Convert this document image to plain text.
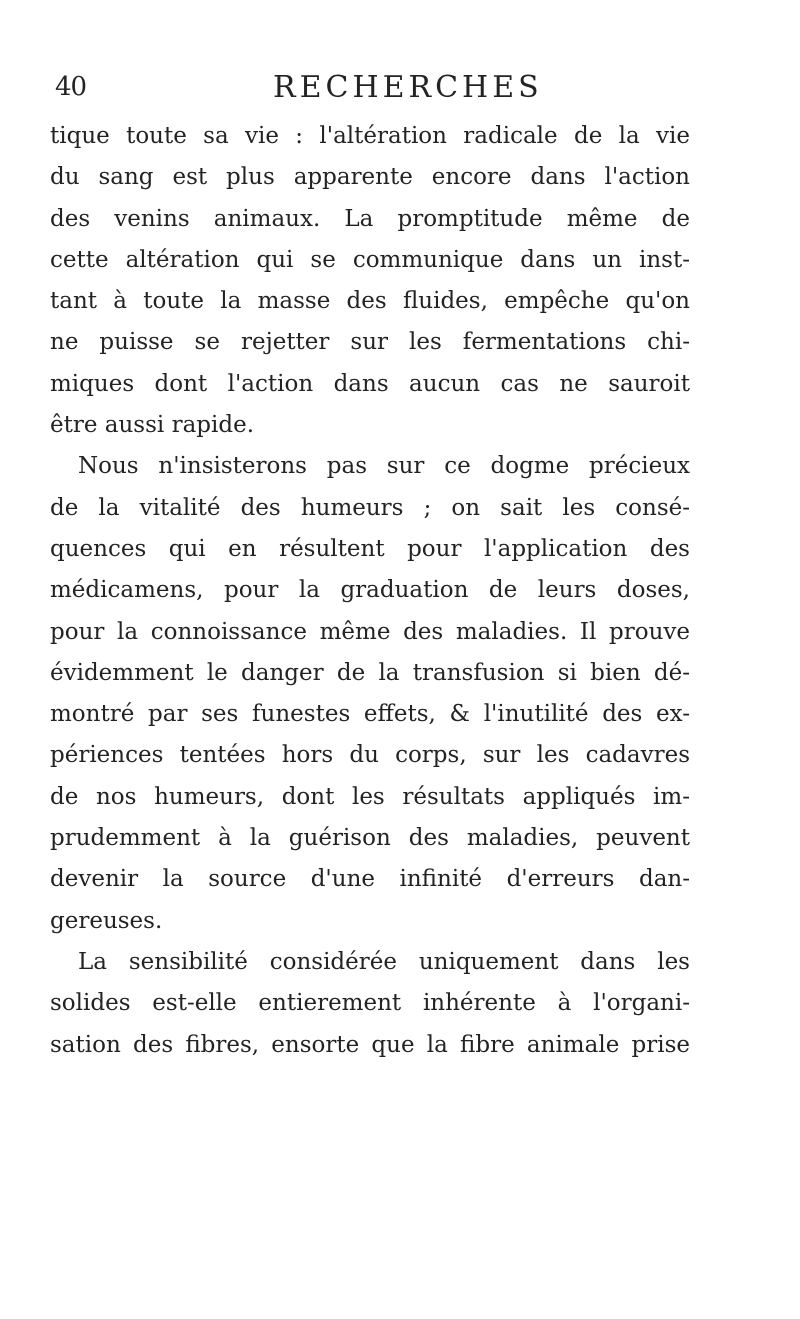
40	RECHERCHES
tique toute sa vie : l'altération radicale de la vie
du sang est plus apparente encore dans l'action
des venins animaux. La promptitude même de
cette altération qui se communique dans un inst-
tant à toute la masse des fluides, empêche qu'on
ne puisse se rejetter sur les fermentations chi-
miques dont l'action dans aucun cas ne sauroit
être aussi rapide.
Nous n'insisterons pas sur ce dogme précieux
de la vitalité des humeurs ; on sait les consé-
quences qui en résultent pour l'application des
médicamens, pour la graduation de leurs doses,
pour la connoissance même des maladies. Il prouve
évidemment le danger de la transfusion si bien dé-
montré par ses funestes effets, & l'inutilité des ex-
périences tentées hors du corps, sur les cadavres
de nos humeurs, dont les résultats appliqués im-
prudemment à la guérison des maladies, peuvent
devenir la source d'une infinité d'erreurs dan-
gereuses.
La sensibilité considérée uniquement dans les
solides est-elle entierement inhérente à l'organi-
sation des fibres, ensorte que la fibre animale prise
